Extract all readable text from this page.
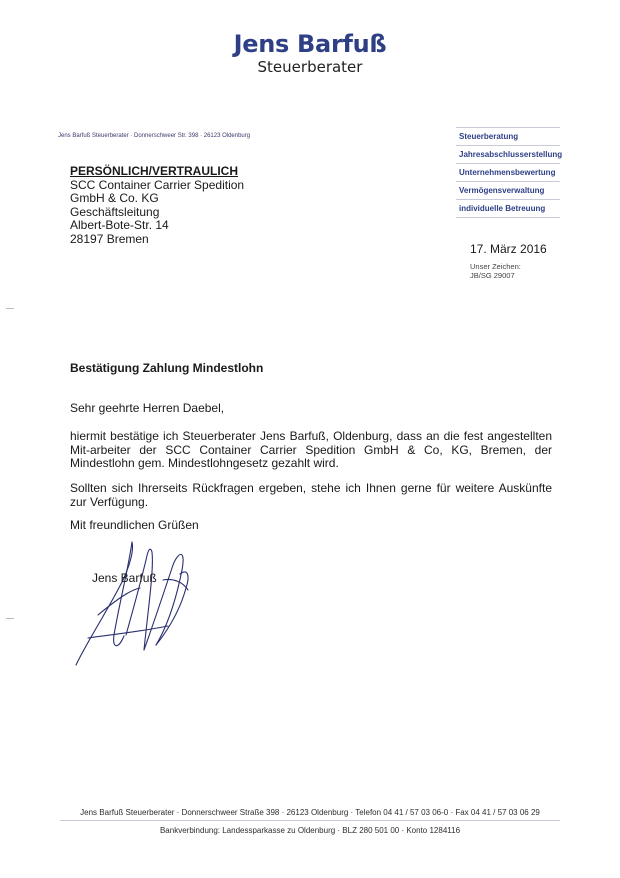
Jens Barfuß
Steuerberater
Jens Barfuß Steuerberater · Donnerschweer Str. 398 · 26123 Oldenburg	Steuerberatung
Jahresabschlusserstellung
Unternehmensbewertung
Vermögensverwaltung
individuelle Betreuung
PERSÖNLICH/VERTRAULICH
SCC Container Carrier Spedition
GmbH & Co. KG
Geschäftsleitung
Albert-Bote-Str. 14
28197 Bremen
17. März 2016
Unser Zeichen:
JB/SG 29007
Bestätigung Zahlung Mindestlohn
Sehr geehrte Herren Daebel,
hiermit bestätige ich Steuerberater Jens Barfuß, Oldenburg, dass an die fest angestellten Mit-arbeiter der SCC Container Carrier Spedition GmbH & Co, KG, Bremen, der Mindestlohn gem. Mindestlohngesetz gezahlt wird.
Sollten sich Ihrerseits Rückfragen ergeben, stehe ich Ihnen gerne für weitere Auskünfte zur Verfügung.
Mit freundlichen Grüßen
Jens Barfuß
Jens Barfuß Steuerberater · Donnerschweer Straße 398 · 26123 Oldenburg · Telefon 04 41 / 57 03 06-0 · Fax 04 41 / 57 03 06 29
Bankverbindung: Landessparkasse zu Oldenburg · BLZ 280 501 00 · Konto 1284116
